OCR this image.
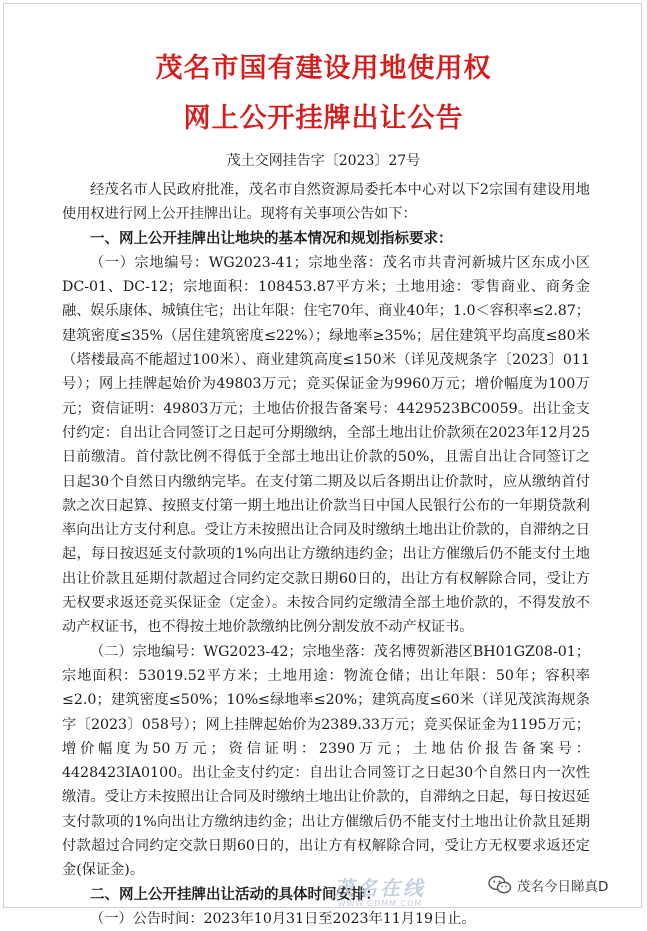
茂名市国有建设用地使用权
网上公开挂牌出让公告

茂土交网挂告字〔2023〕27号

经茂名市人民政府批准，茂名市自然资源局委托本中心对以下2宗国有建设用地使用权进行网上公开挂牌出让。现将有关事项公告如下：

一、网上公开挂牌出让地块的基本情况和规划指标要求：

（一）宗地编号：WG2023-41；宗地坐落：茂名市共青河新城片区东成小区DC-01、DC-12；宗地面积：108453.87平方米；土地用途：零售商业、商务金融、娱乐康体、城镇住宅；出让年限：住宅70年、商业40年；1.0＜容积率≤2.87；建筑密度≤35%（居住建筑密度≤22%）；绿地率≥35%；居住建筑平均高度≤80米（塔楼最高不能超过100米）、商业建筑高度≤150米（详见茂规条字〔2023〕011号）；网上挂牌起始价为49803万元；竞买保证金为9960万元；增价幅度为100万元；资信证明：49803万元；土地估价报告备案号：4429523BC0059。出让金支付约定：自出让合同签订之日起可分期缴纳，全部土地出让价款须在2023年12月25日前缴清。首付款比例不得低于全部土地出让价款的50%，且需自出让合同签订之日起30个自然日内缴纳完毕。在支付第二期及以后各期出让价款时，应从缴纳首付款之次日起算、按照支付第一期土地出让价款当日中国人民银行公布的一年期贷款利率向出让方支付利息。受让方未按照出让合同及时缴纳土地出让价款的，自滞纳之日起，每日按迟延支付款项的1%向出让方缴纳违约金；出让方催缴后仍不能支付土地出让价款且延期付款超过合同约定交款日期60日的，出让方有权解除合同，受让方无权要求返还竞买保证金（定金）。未按合同约定缴清全部土地价款的，不得发放不动产权证书，也不得按土地价款缴纳比例分割发放不动产权证书。

（二）宗地编号：WG2023-42；宗地坐落：茂名博贺新港区BH01GZ08-01；宗地面积：53019.52平方米；土地用途：物流仓储；出让年限：50年；容积率≤2.0；建筑密度≤50%；10%≤绿地率≤20%；建筑高度≤60米（详见茂滨海规条字〔2023〕058号）；网上挂牌起始价为2389.33万元；竞买保证金为1195万元；增价幅度为50万元；资信证明：2390万元；土地估价报告备案号：4428423IA0100。出让金支付约定：自出让合同签订之日起30个自然日内一次性缴清。受让方未按照出让合同及时缴纳土地出让价款的，自滞纳之日起，每日按迟延支付款项的1%向出让方缴纳违约金；出让方催缴后仍不能支付土地出让价款且延期付款超过合同约定交款日期60日的，出让方有权解除合同，受让方无权要求返还定金(保证金)。

二、网上公开挂牌出让活动的具体时间安排：

（一）公告时间：2023年10月31日至2023年11月19日止。

茂名在线
WWW.GDMM.COM
茂名今日睇真D
